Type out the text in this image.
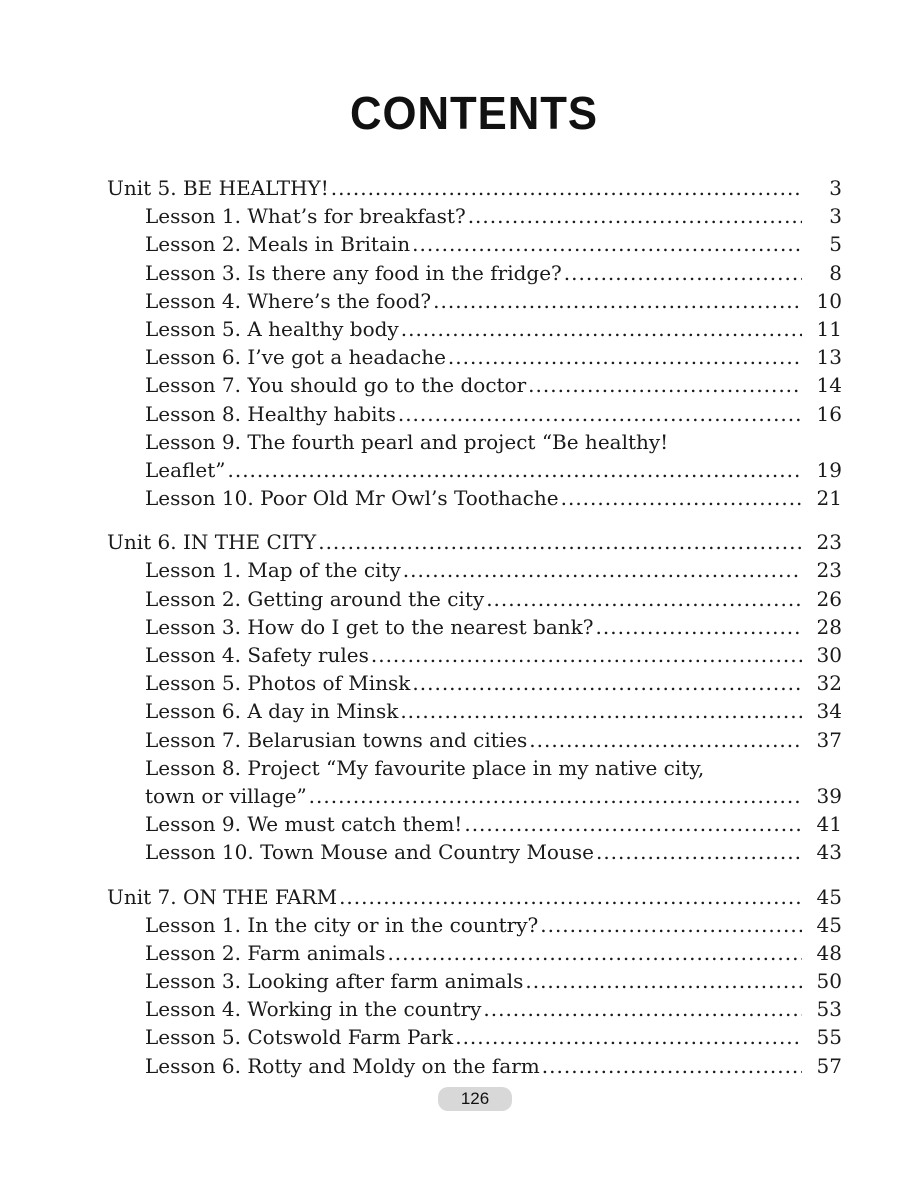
CONTENTS
Unit 5. BE HEALTHY! .....	3
Lesson 1. What’s for breakfast? .....	3
Lesson 2. Meals in Britain .....	5
Lesson 3. Is there any food in the fridge? .....	8
Lesson 4. Where’s the food? .....	10
Lesson 5. A healthy body .....	11
Lesson 6. I’ve got a headache .....	13
Lesson 7. You should go to the doctor .....	14
Lesson 8. Healthy habits .....	16
Lesson 9. The fourth pearl and project “Be healthy!
Leaflet” .....	19
Lesson 10. Poor Old Mr Owl’s Toothache .....	21
Unit 6. IN THE CITY .....	23
Lesson 1. Map of the city .....	23
Lesson 2. Getting around the city .....	26
Lesson 3. How do I get to the nearest bank? .....	28
Lesson 4. Safety rules .....	30
Lesson 5. Photos of Minsk .....	32
Lesson 6. A day in Minsk .....	34
Lesson 7. Belarusian towns and cities .....	37
Lesson 8. Project “My favourite place in my native city,
town or village” .....	39
Lesson 9. We must catch them! .....	41
Lesson 10. Town Mouse and Country Mouse .....	43
Unit 7. ON THE FARM .....	45
Lesson 1. In the city or in the country? .....	45
Lesson 2. Farm animals .....	48
Lesson 3. Looking after farm animals .....	50
Lesson 4. Working in the country .....	53
Lesson 5. Cotswold Farm Park .....	55
Lesson 6. Rotty and Moldy on the farm .....	57
126
